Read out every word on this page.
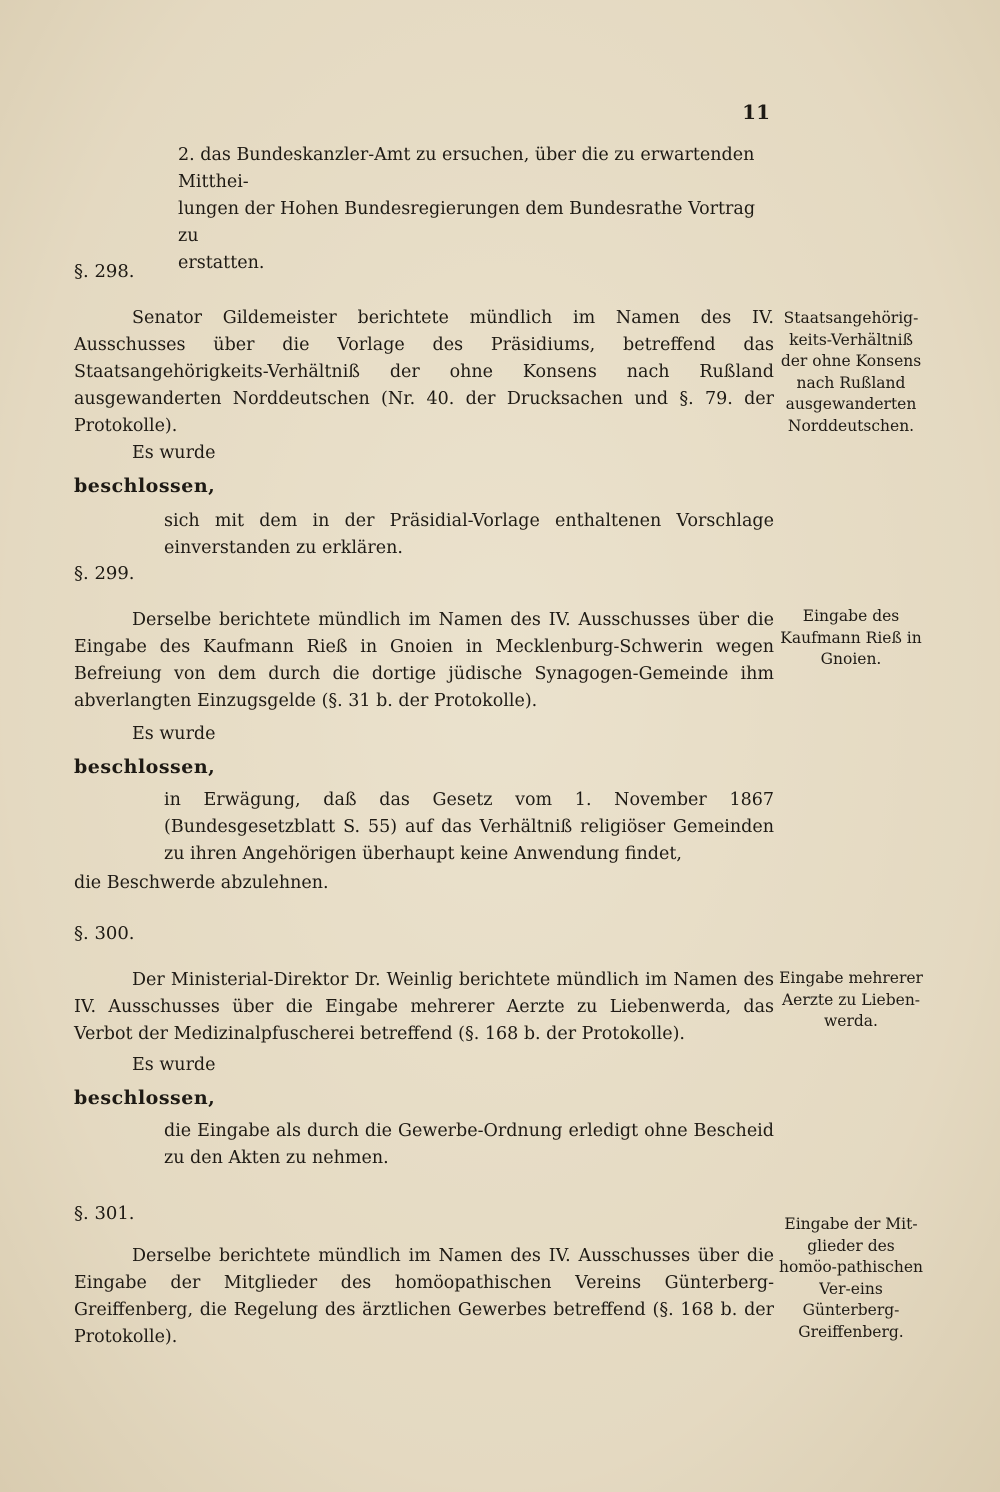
11

2. das Bundeskanzler-Amt zu ersuchen, über die zu erwartenden Mitthei-

lungen der Hohen Bundesregierungen dem Bundesrathe Vortrag zu

erstatten.

§. 298.

Senator Gildemeister berichtete mündlich im Namen des IV. Ausschusses über die Vorlage des Präsidiums, betreffend das Staatsangehörigkeits-Verhältniß der ohne Konsens nach Rußland ausgewanderten Norddeutschen (Nr. 40. der Drucksachen und §. 79. der Protokolle).

Es wurde

beschlossen,

sich mit dem in der Präsidial-Vorlage enthaltenen Vorschlage einverstanden zu erklären.

Staatsangehörig-keits-Verhältniß der ohne Konsens nach Rußland ausgewanderten Norddeutschen.

§. 299.

Derselbe berichtete mündlich im Namen des IV. Ausschusses über die Eingabe des Kaufmann Rieß in Gnoien in Mecklenburg-Schwerin wegen Befreiung von dem durch die dortige jüdische Synagogen-Gemeinde ihm abverlangten Einzugsgelde (§. 31 b. der Protokolle).

Es wurde

beschlossen,

in Erwägung, daß das Gesetz vom 1. November 1867 (Bundesgesetzblatt S. 55) auf das Verhältniß religiöser Gemeinden zu ihren Angehörigen überhaupt keine Anwendung findet,

die Beschwerde abzulehnen.

Eingabe des Kaufmann Rieß in Gnoien.

§. 300.

Der Ministerial-Direktor Dr. Weinlig berichtete mündlich im Namen des IV. Ausschusses über die Eingabe mehrerer Aerzte zu Liebenwerda, das Verbot der Medizinalpfuscherei betreffend (§. 168 b. der Protokolle).

Es wurde

beschlossen,

die Eingabe als durch die Gewerbe-Ordnung erledigt ohne Bescheid zu den Akten zu nehmen.

Eingabe mehrerer Aerzte zu Lieben-werda.

§. 301.

Derselbe berichtete mündlich im Namen des IV. Ausschusses über die Eingabe der Mitglieder des homöopathischen Vereins Günterberg-Greiffenberg, die Regelung des ärztlichen Gewerbes betreffend (§. 168 b. der Protokolle).

Eingabe der Mit-glieder des homöo-pathischen Ver-eins Günterberg-Greiffenberg.
